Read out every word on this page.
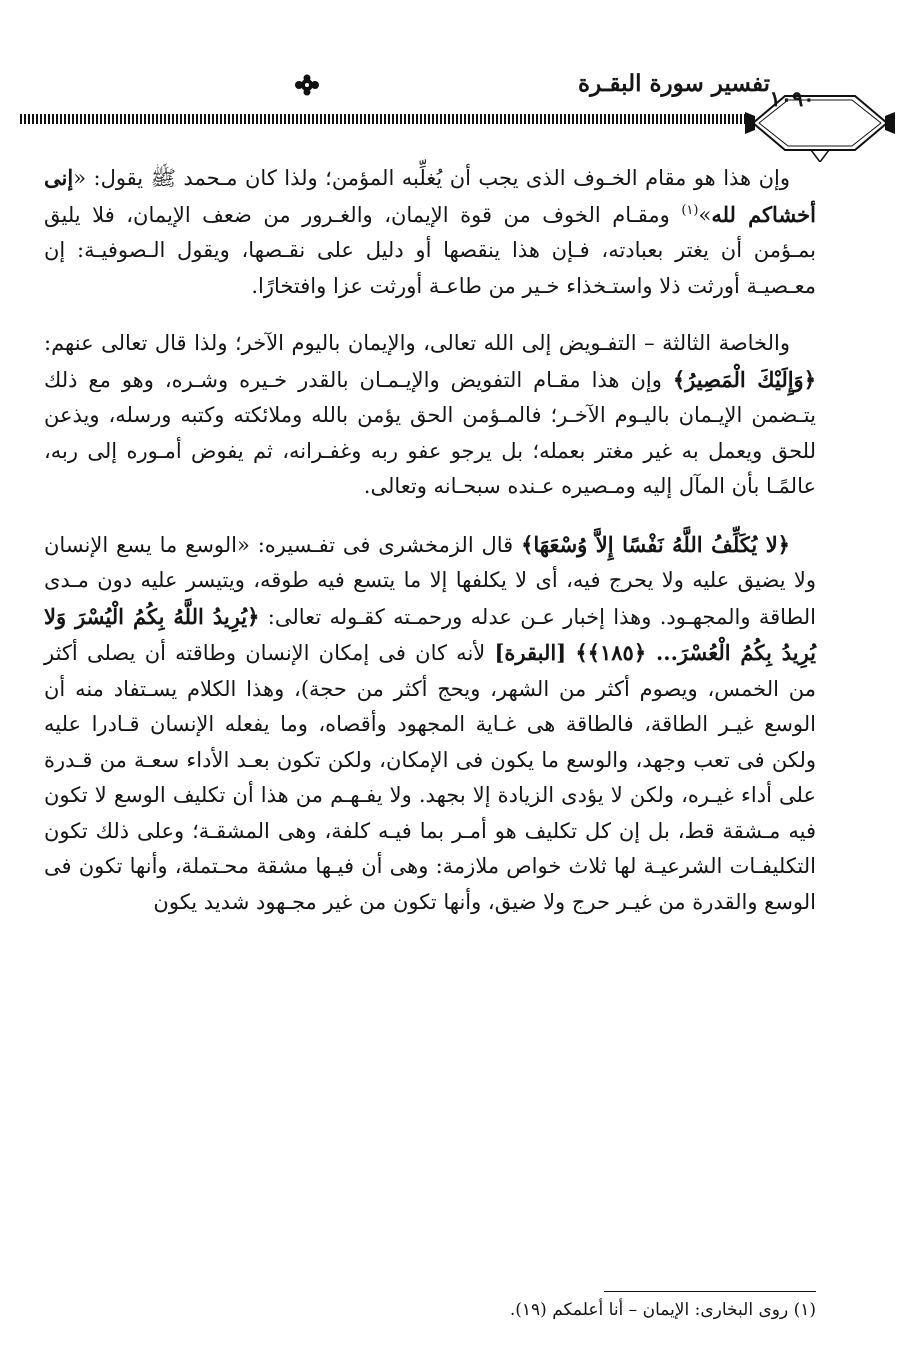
تفسير سورة البقـرة
١٠٩٠

وإن هذا هو مقام الخـوف الذى يجب أن يُغلِّبه المؤمن؛ ولذا كان مـحمد ﷺ يقول: «إنى أخشاكم لله»$^{(١)}$ ومقـام الخوف من قوة الإيمان، والغـرور من ضعف الإيمان، فلا يليق بمـؤمن أن يغتر بعبادته، فـإن هذا ينقصها أو دليل على نقـصها، ويقول الـصوفيـة: إن معـصيـة أورثت ذلا واستـخذاء خـير من طاعـة أورثت عزا وافتخارًا.

والخاصة الثالثة – التفـويض إلى الله تعالى، والإيمان باليوم الآخر؛ ولذا قال تعالى عنهم: ﴿وَإِلَيْكَ الْمَصِيرُ﴾ وإن هذا مقـام التفويض والإيـمـان بالقدر خـيره وشـره، وهو مع ذلك يتـضمن الإيـمان باليـوم الآخـر؛ فالمـؤمن الحق يؤمن بالله وملائكته وكتبه ورسله، ويذعن للحق ويعمل به غير مغتر بعمله؛ بل يرجو عفو ربه وغفـرانه، ثم يفوض أمـوره إلى ربه، عالمًـا بأن المآل إليه ومـصيره عـنده سبحـانه وتعالى.

﴿لا يُكَلِّفُ اللَّهُ نَفْسًا إِلاَّ وُسْعَهَا﴾ قال الزمخشرى فى تفـسيره: «الوسع ما يسع الإنسان ولا يضيق عليه ولا يحرج فيه، أى لا يكلفها إلا ما يتسع فيه طوقه، ويتيسر عليه دون مـدى الطاقة والمجهـود. وهذا إخبار عـن عدله ورحمـته كقـوله تعالى: ﴿يُرِيدُ اللَّهُ بِكُمُ الْيُسْرَ وَلا يُرِيدُ بِكُمُ الْعُسْرَ... ﴿١٨٥﴾﴾ [البقرة] لأنه كان فى إمكان الإنسان وطاقته أن يصلى أكثر من الخمس، ويصوم أكثر من الشهر، ويحج أكثر من حجة)، وهذا الكلام يسـتفاد منه أن الوسع غيـر الطاقة، فالطاقة هى غـاية المجهود وأقصاه، وما يفعله الإنسان قـادرا عليه ولكن فى تعب وجهد، والوسع ما يكون فى الإمكان، ولكن تكون بعـد الأداء سعـة من قـدرة على أداء غيـره، ولكن لا يؤدى الزيادة إلا بجهد. ولا يفـهـم من هذا أن تكليف الوسع لا تكون فيه مـشقة قط، بل إن كل تكليف هو أمـر بما فيـه كلفة، وهى المشقـة؛ وعلى ذلك تكون التكليفـات الشرعيـة لها ثلاث خواص ملازمة: وهى أن فيـها مشقة محـتملة، وأنها تكون فى الوسع والقدرة من غيـر حرج ولا ضيق، وأنها تكون من غير مجـهود شديد يكون

(١) روى البخارى: الإيمان – أنا أعلمكم (١٩).
